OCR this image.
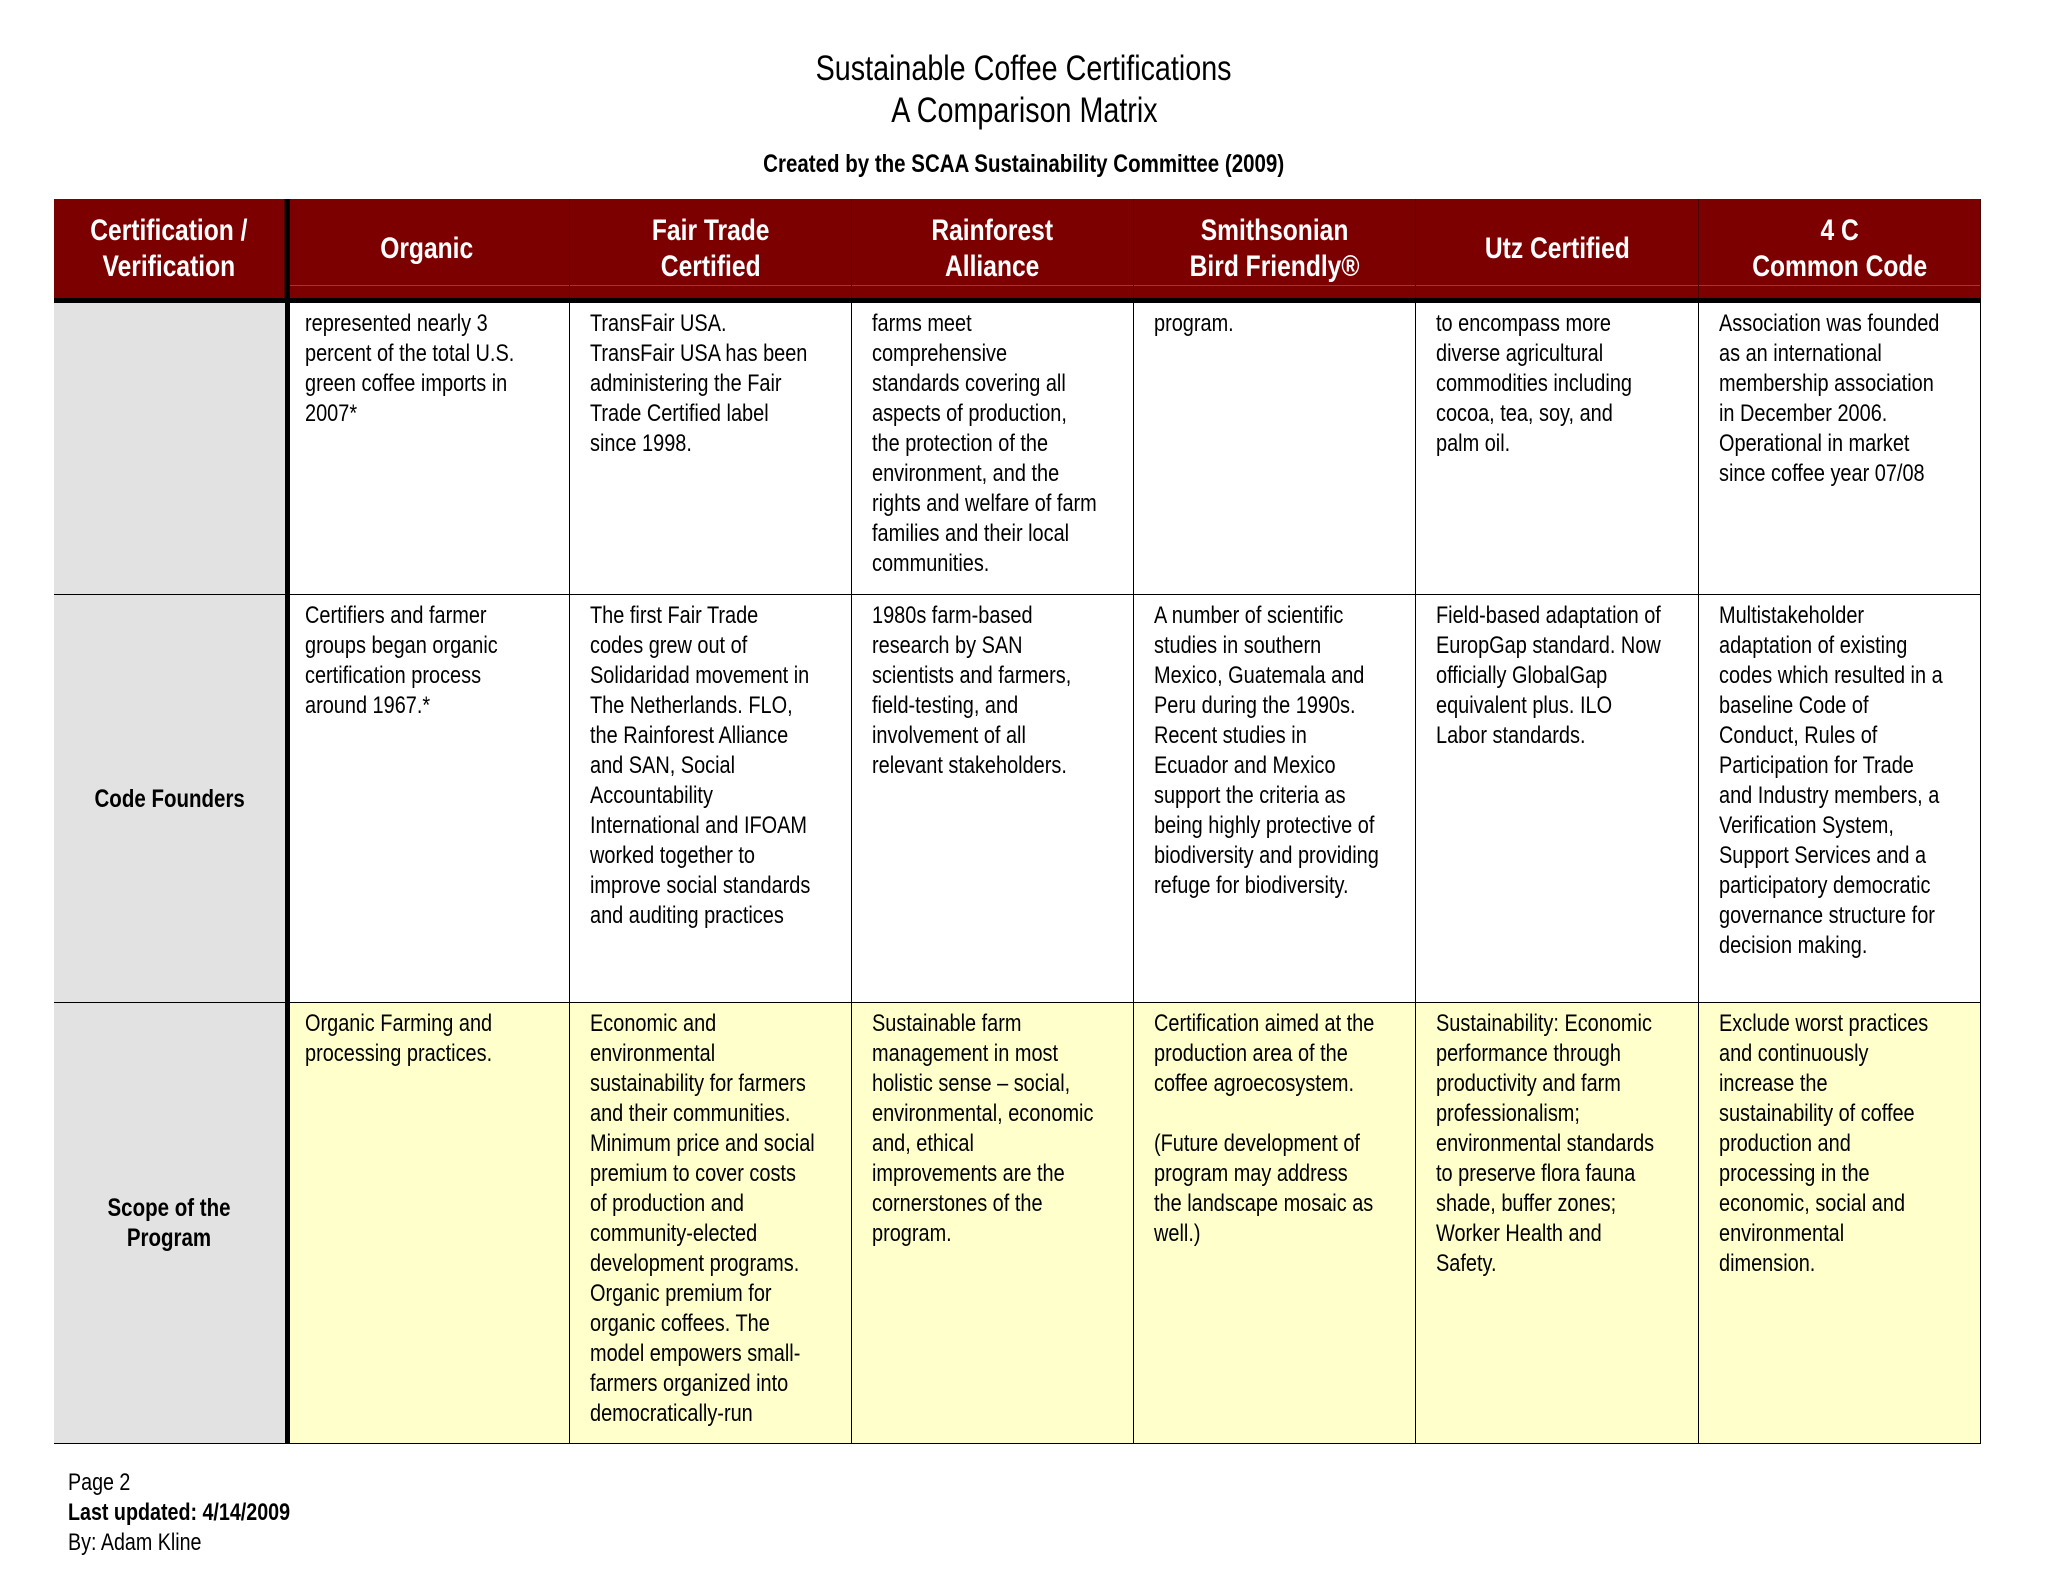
Sustainable Coffee Certifications
A Comparison Matrix
Created by the SCAA Sustainability Committee (2009)
Certification /
Verification
Organic
Fair Trade
Certified
Rainforest
Alliance
Smithsonian
Bird Friendly®
Utz Certified
4 C
Common Code
represented nearly 3
percent of the total U.S.
green coffee imports in
2007*
TransFair USA.
TransFair USA has been
administering the Fair
Trade Certified label
since 1998.
farms meet
comprehensive
standards covering all
aspects of production,
the protection of the
environment, and the
rights and welfare of farm
families and their local
communities.
program.	to encompass more
diverse agricultural
commodities including
cocoa, tea, soy, and
palm oil.
Association was founded
as an international
membership association
in December 2006.
Operational in market
since coffee year 07/08
Code Founders
Certifiers and farmer
groups began organic
certification process
around 1967.*
The first Fair Trade
codes grew out of
Solidaridad movement in
The Netherlands. FLO,
the Rainforest Alliance
and SAN, Social
Accountability
International and IFOAM
worked together to
improve social standards
and auditing practices
1980s farm-based
research by SAN
scientists and farmers,
field-testing, and
involvement of all
relevant stakeholders.
A number of scientific
studies in southern
Mexico, Guatemala and
Peru during the 1990s.
Recent studies in
Ecuador and Mexico
support the criteria as
being highly protective of
biodiversity and providing
refuge for biodiversity.
Field-based adaptation of
EuropGap standard. Now
officially GlobalGap
equivalent plus. ILO
Labor standards.
Multistakeholder
adaptation of existing
codes which resulted in a
baseline Code of
Conduct, Rules of
Participation for Trade
and Industry members, a
Verification System,
Support Services and a
participatory democratic
governance structure for
decision making.
Scope of the
Program
Organic Farming and
processing practices.
Economic and
environmental
sustainability for farmers
and their communities.
Minimum price and social
premium to cover costs
of production and
community-elected
development programs.
Organic premium for
organic coffees. The
model empowers small-
farmers organized into
democratically-run
Sustainable farm
management in most
holistic sense – social,
environmental, economic
and, ethical
improvements are the
cornerstones of the
program.
Certification aimed at the
production area of the
coffee agroecosystem.
(Future development of
program may address
the landscape mosaic as
well.)
Sustainability: Economic
performance through
productivity and farm
professionalism;
environmental standards
to preserve flora fauna
shade, buffer zones;
Worker Health and
Safety.
Exclude worst practices
and continuously
increase the
sustainability of coffee
production and
processing in the
economic, social and
environmental
dimension.
Page 2
Last updated: 4/14/2009
By: Adam Kline
